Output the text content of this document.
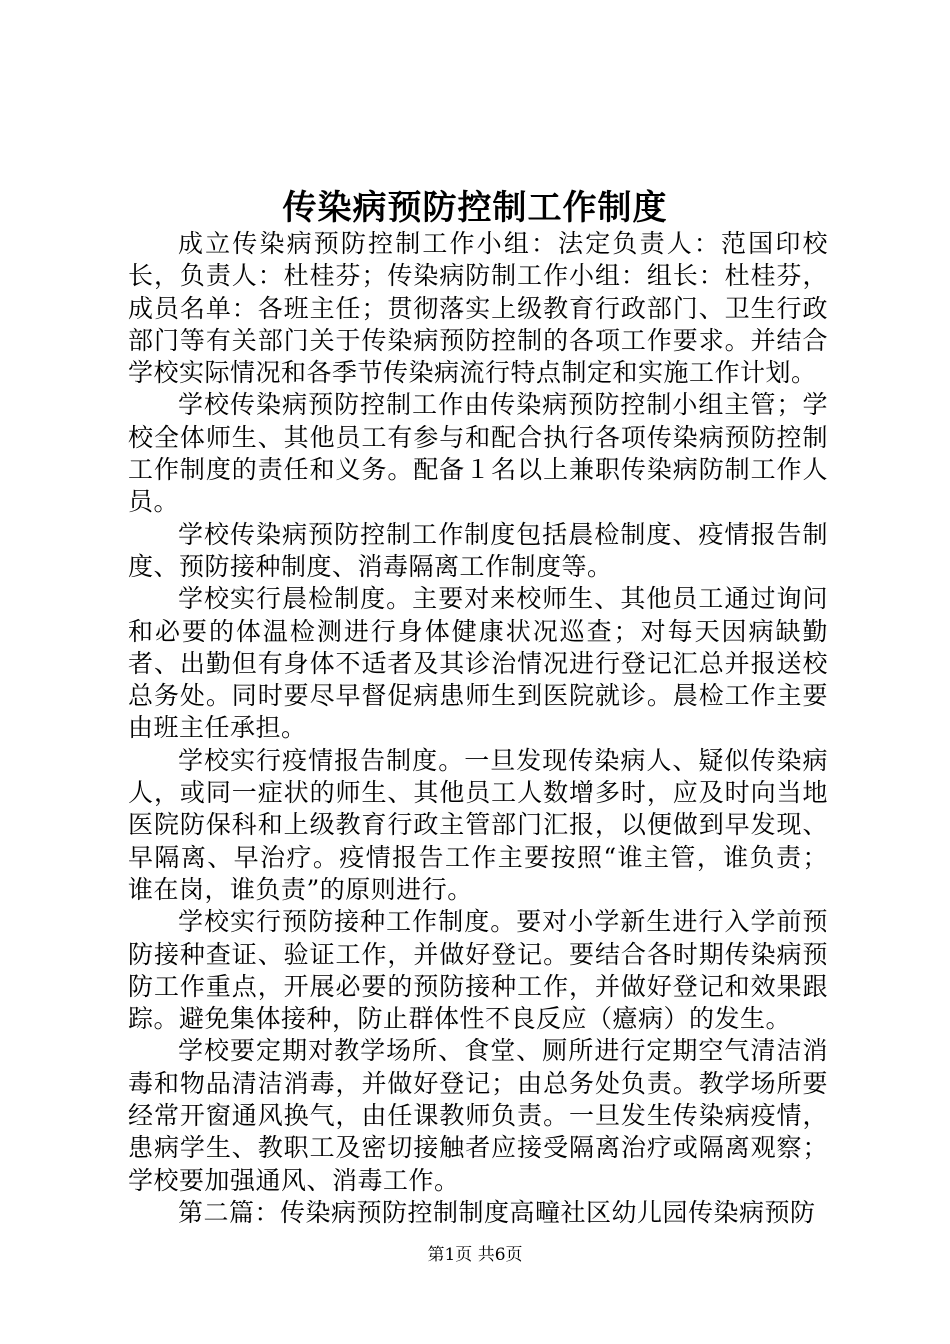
传染病预防控制工作制度

成立传染病预防控制工作小组：法定负责人：范国印校长，负责人：杜桂芬；传染病防制工作小组：组长：杜桂芬，成员名单：各班主任；贯彻落实上级教育行政部门、卫生行政部门等有关部门关于传染病预防控制的各项工作要求。并结合学校实际情况和各季节传染病流行特点制定和实施工作计划。

学校传染病预防控制工作由传染病预防控制小组主管；学校全体师生、其他员工有参与和配合执行各项传染病预防控制工作制度的责任和义务。配备１名以上兼职传染病防制工作人员。

学校传染病预防控制工作制度包括晨检制度、疫情报告制度、预防接种制度、消毒隔离工作制度等。

学校实行晨检制度。主要对来校师生、其他员工通过询问和必要的体温检测进行身体健康状况巡查；对每天因病缺勤者、出勤但有身体不适者及其诊治情况进行登记汇总并报送校总务处。同时要尽早督促病患师生到医院就诊。晨检工作主要由班主任承担。

学校实行疫情报告制度。一旦发现传染病人、疑似传染病人，或同一症状的师生、其他员工人数增多时，应及时向当地医院防保科和上级教育行政主管部门汇报，以便做到早发现、早隔离、早治疗。疫情报告工作主要按照“谁主管，谁负责；谁在岗，谁负责”的原则进行。

学校实行预防接种工作制度。要对小学新生进行入学前预防接种查证、验证工作，并做好登记。要结合各时期传染病预防工作重点，开展必要的预防接种工作，并做好登记和效果跟踪。避免集体接种，防止群体性不良反应（癔病）的发生。

学校要定期对教学场所、食堂、厕所进行定期空气清洁消毒和物品清洁消毒，并做好登记；由总务处负责。教学场所要经常开窗通风换气，由任课教师负责。一旦发生传染病疫情，患病学生、教职工及密切接触者应接受隔离治疗或隔离观察；学校要加强通风、消毒工作。

第二篇：传染病预防控制制度高疃社区幼儿园传染病预防

第1页 共6页
